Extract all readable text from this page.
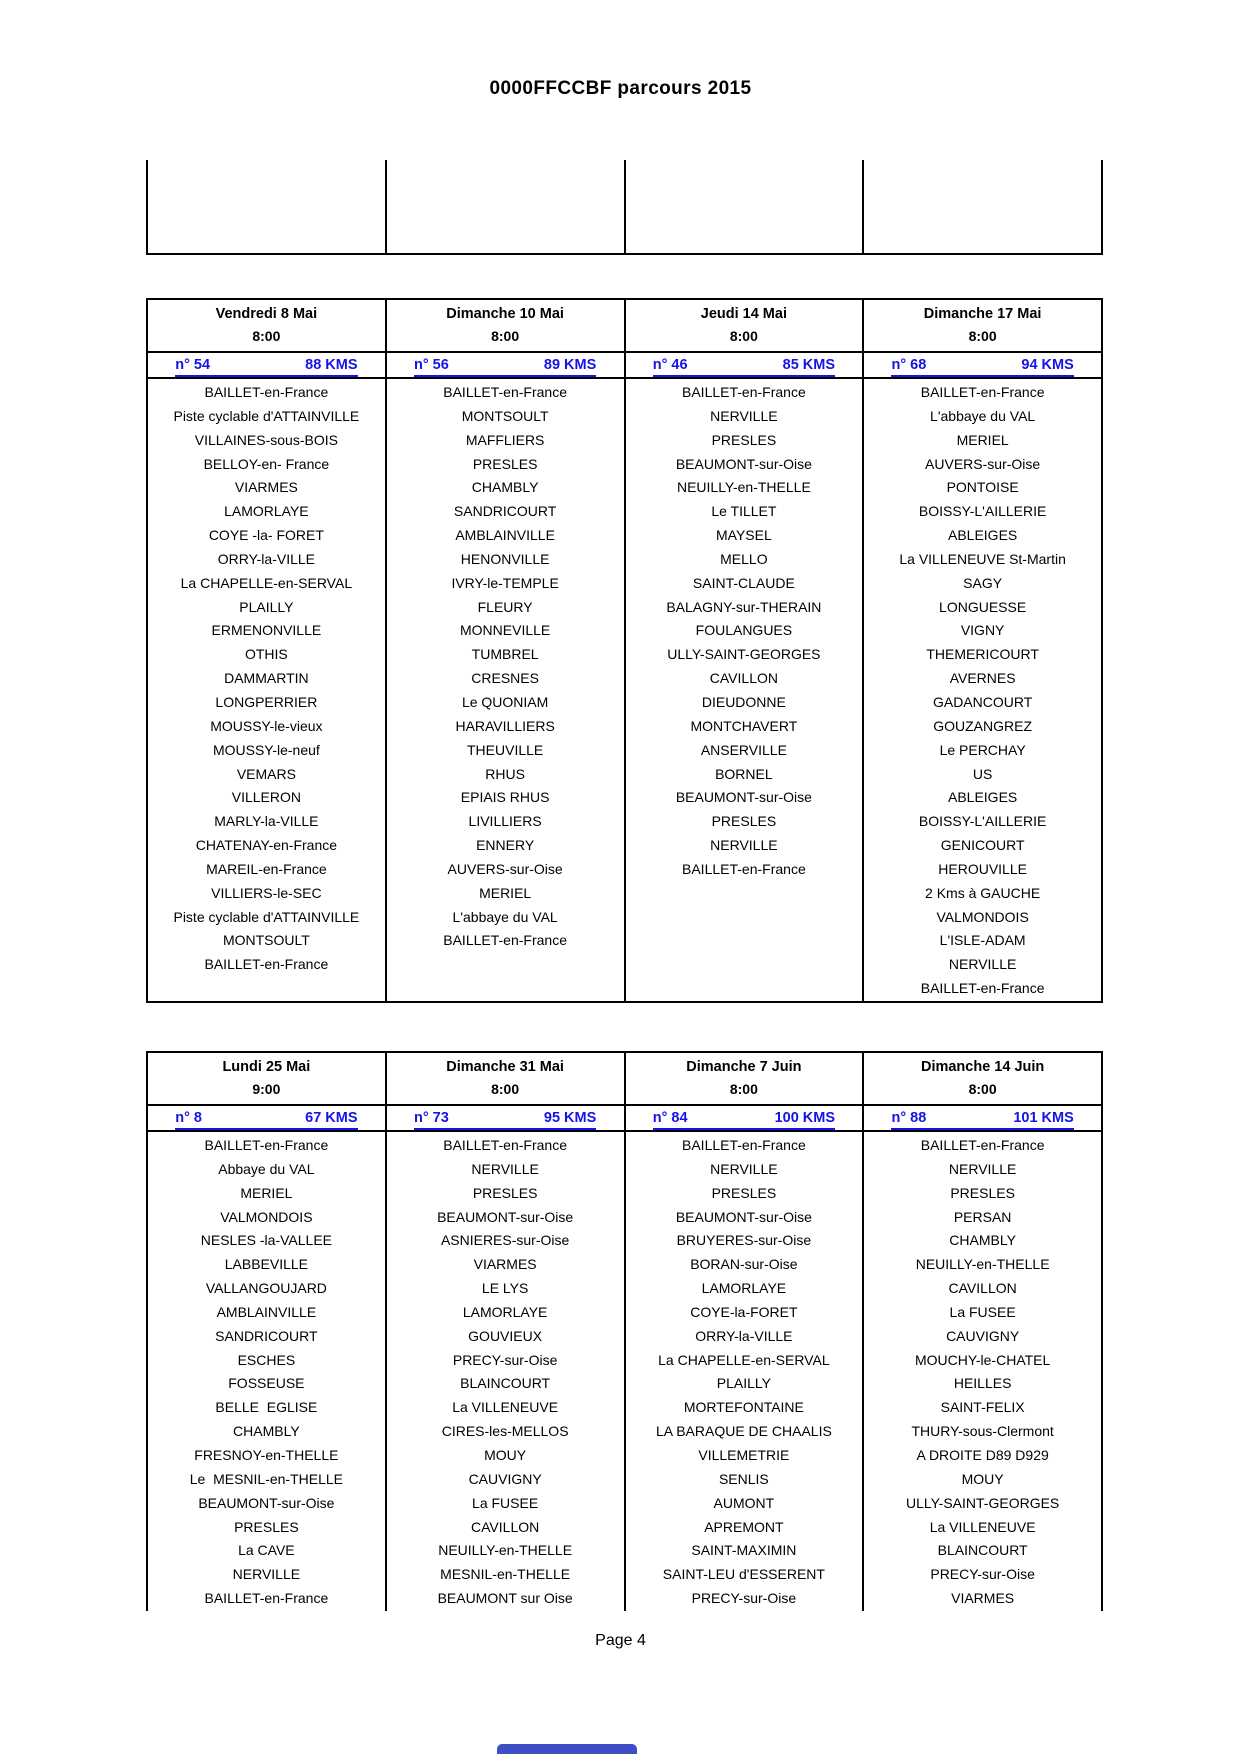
0000FFCCBF parcours 2015
Vendredi 8 Mai
8:00
n° 54	88 KMS
BAILLET-en-France
Piste cyclable d'ATTAINVILLE
VILLAINES-sous-BOIS
BELLOY-en- France
VIARMES
LAMORLAYE
COYE -la- FORET
ORRY-la-VILLE
La CHAPELLE-en-SERVAL
PLAILLY
ERMENONVILLE
OTHIS
DAMMARTIN
LONGPERRIER
MOUSSY-le-vieux
MOUSSY-le-neuf
VEMARS
VILLERON
MARLY-la-VILLE
CHATENAY-en-France
MAREIL-en-France
VILLIERS-le-SEC
Piste cyclable d'ATTAINVILLE
MONTSOULT
BAILLET-en-France
Dimanche 10 Mai
8:00
n° 56	89 KMS
BAILLET-en-France
MONTSOULT
MAFFLIERS
PRESLES
CHAMBLY
SANDRICOURT
AMBLAINVILLE
HENONVILLE
IVRY-le-TEMPLE
FLEURY
MONNEVILLE
TUMBREL
CRESNES
Le QUONIAM
HARAVILLIERS
THEUVILLE
RHUS
EPIAIS RHUS
LIVILLIERS
ENNERY
AUVERS-sur-Oise
MERIEL
L'abbaye du VAL
BAILLET-en-France
Jeudi 14 Mai
8:00
n° 46	85 KMS
BAILLET-en-France
NERVILLE
PRESLES
BEAUMONT-sur-Oise
NEUILLY-en-THELLE
Le TILLET
MAYSEL
MELLO
SAINT-CLAUDE
BALAGNY-sur-THERAIN
FOULANGUES
ULLY-SAINT-GEORGES
CAVILLON
DIEUDONNE
MONTCHAVERT
ANSERVILLE
BORNEL
BEAUMONT-sur-Oise
PRESLES
NERVILLE
BAILLET-en-France
Dimanche 17 Mai
8:00
n° 68	94 KMS
BAILLET-en-France
L'abbaye du VAL
MERIEL
AUVERS-sur-Oise
PONTOISE
BOISSY-L'AILLERIE
ABLEIGES
La VILLENEUVE St-Martin
SAGY
LONGUESSE
VIGNY
THEMERICOURT
AVERNES
GADANCOURT
GOUZANGREZ
Le PERCHAY
US
ABLEIGES
BOISSY-L'AILLERIE
GENICOURT
HEROUVILLE
2 Kms à GAUCHE
VALMONDOIS
L'ISLE-ADAM
NERVILLE
BAILLET-en-France
Lundi 25 Mai
9:00
n° 8	67 KMS
BAILLET-en-France
Abbaye du VAL
MERIEL
VALMONDOIS
NESLES -la-VALLEE
LABBEVILLE
VALLANGOUJARD
AMBLAINVILLE
SANDRICOURT
ESCHES
FOSSEUSE
BELLE  EGLISE
CHAMBLY
FRESNOY-en-THELLE
Le  MESNIL-en-THELLE
BEAUMONT-sur-Oise
PRESLES
La CAVE
NERVILLE
BAILLET-en-France
Dimanche 31 Mai
8:00
n° 73	95 KMS
BAILLET-en-France
NERVILLE
PRESLES
BEAUMONT-sur-Oise
ASNIERES-sur-Oise
VIARMES
LE LYS
LAMORLAYE
GOUVIEUX
PRECY-sur-Oise
BLAINCOURT
La VILLENEUVE
CIRES-les-MELLOS
MOUY
CAUVIGNY
La FUSEE
CAVILLON
NEUILLY-en-THELLE
MESNIL-en-THELLE
BEAUMONT sur Oise
Dimanche 7 Juin
8:00
n° 84	100 KMS
BAILLET-en-France
NERVILLE
PRESLES
BEAUMONT-sur-Oise
BRUYERES-sur-Oise
BORAN-sur-Oise
LAMORLAYE
COYE-la-FORET
ORRY-la-VILLE
La CHAPELLE-en-SERVAL
PLAILLY
MORTEFONTAINE
LA BARAQUE DE CHAALIS
VILLEMETRIE
SENLIS
AUMONT
APREMONT
SAINT-MAXIMIN
SAINT-LEU d'ESSERENT
PRECY-sur-Oise
Dimanche 14 Juin
8:00
n° 88	101 KMS
BAILLET-en-France
NERVILLE
PRESLES
PERSAN
CHAMBLY
NEUILLY-en-THELLE
CAVILLON
La FUSEE
CAUVIGNY
MOUCHY-le-CHATEL
HEILLES
SAINT-FELIX
THURY-sous-Clermont
A DROITE D89 D929
MOUY
ULLY-SAINT-GEORGES
La VILLENEUVE
BLAINCOURT
PRECY-sur-Oise
VIARMES
Page 4
